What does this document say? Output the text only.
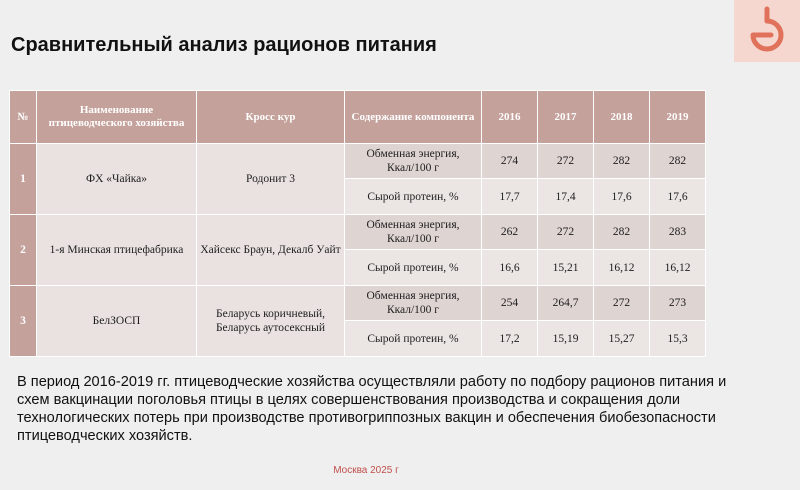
Сравнительный анализ рационов питания
№	Наименование птицеводческого хозяйства	Кросс кур	Содержание компонента	2016	2017	2018	2019
1	ФХ «Чайка»	Родонит 3	Обменная энергия, Ккал/100 г	274	272	282	282
			Сырой протеин, %	17,7	17,4	17,6	17,6
2	1-я Минская птицефабрика	Хайсекс Браун, Декалб Уайт	Обменная энергия, Ккал/100 г	262	272	282	283
			Сырой протеин, %	16,6	15,21	16,12	16,12
3	БелЗОСП	Беларусь коричневый, Беларусь аутосексный	Обменная энергия, Ккал/100 г	254	264,7	272	273
			Сырой протеин, %	17,2	15,19	15,27	15,3
В период 2016-2019 гг. птицеводческие хозяйства осуществляли работу по подбору рационов питания и схем вакцинации поголовья птицы в целях совершенствования производства и сокращения доли технологических потерь при производстве противогриппозных вакцин и обеспечения биобезопасности птицеводческих хозяйств.
Москва 2025 г
